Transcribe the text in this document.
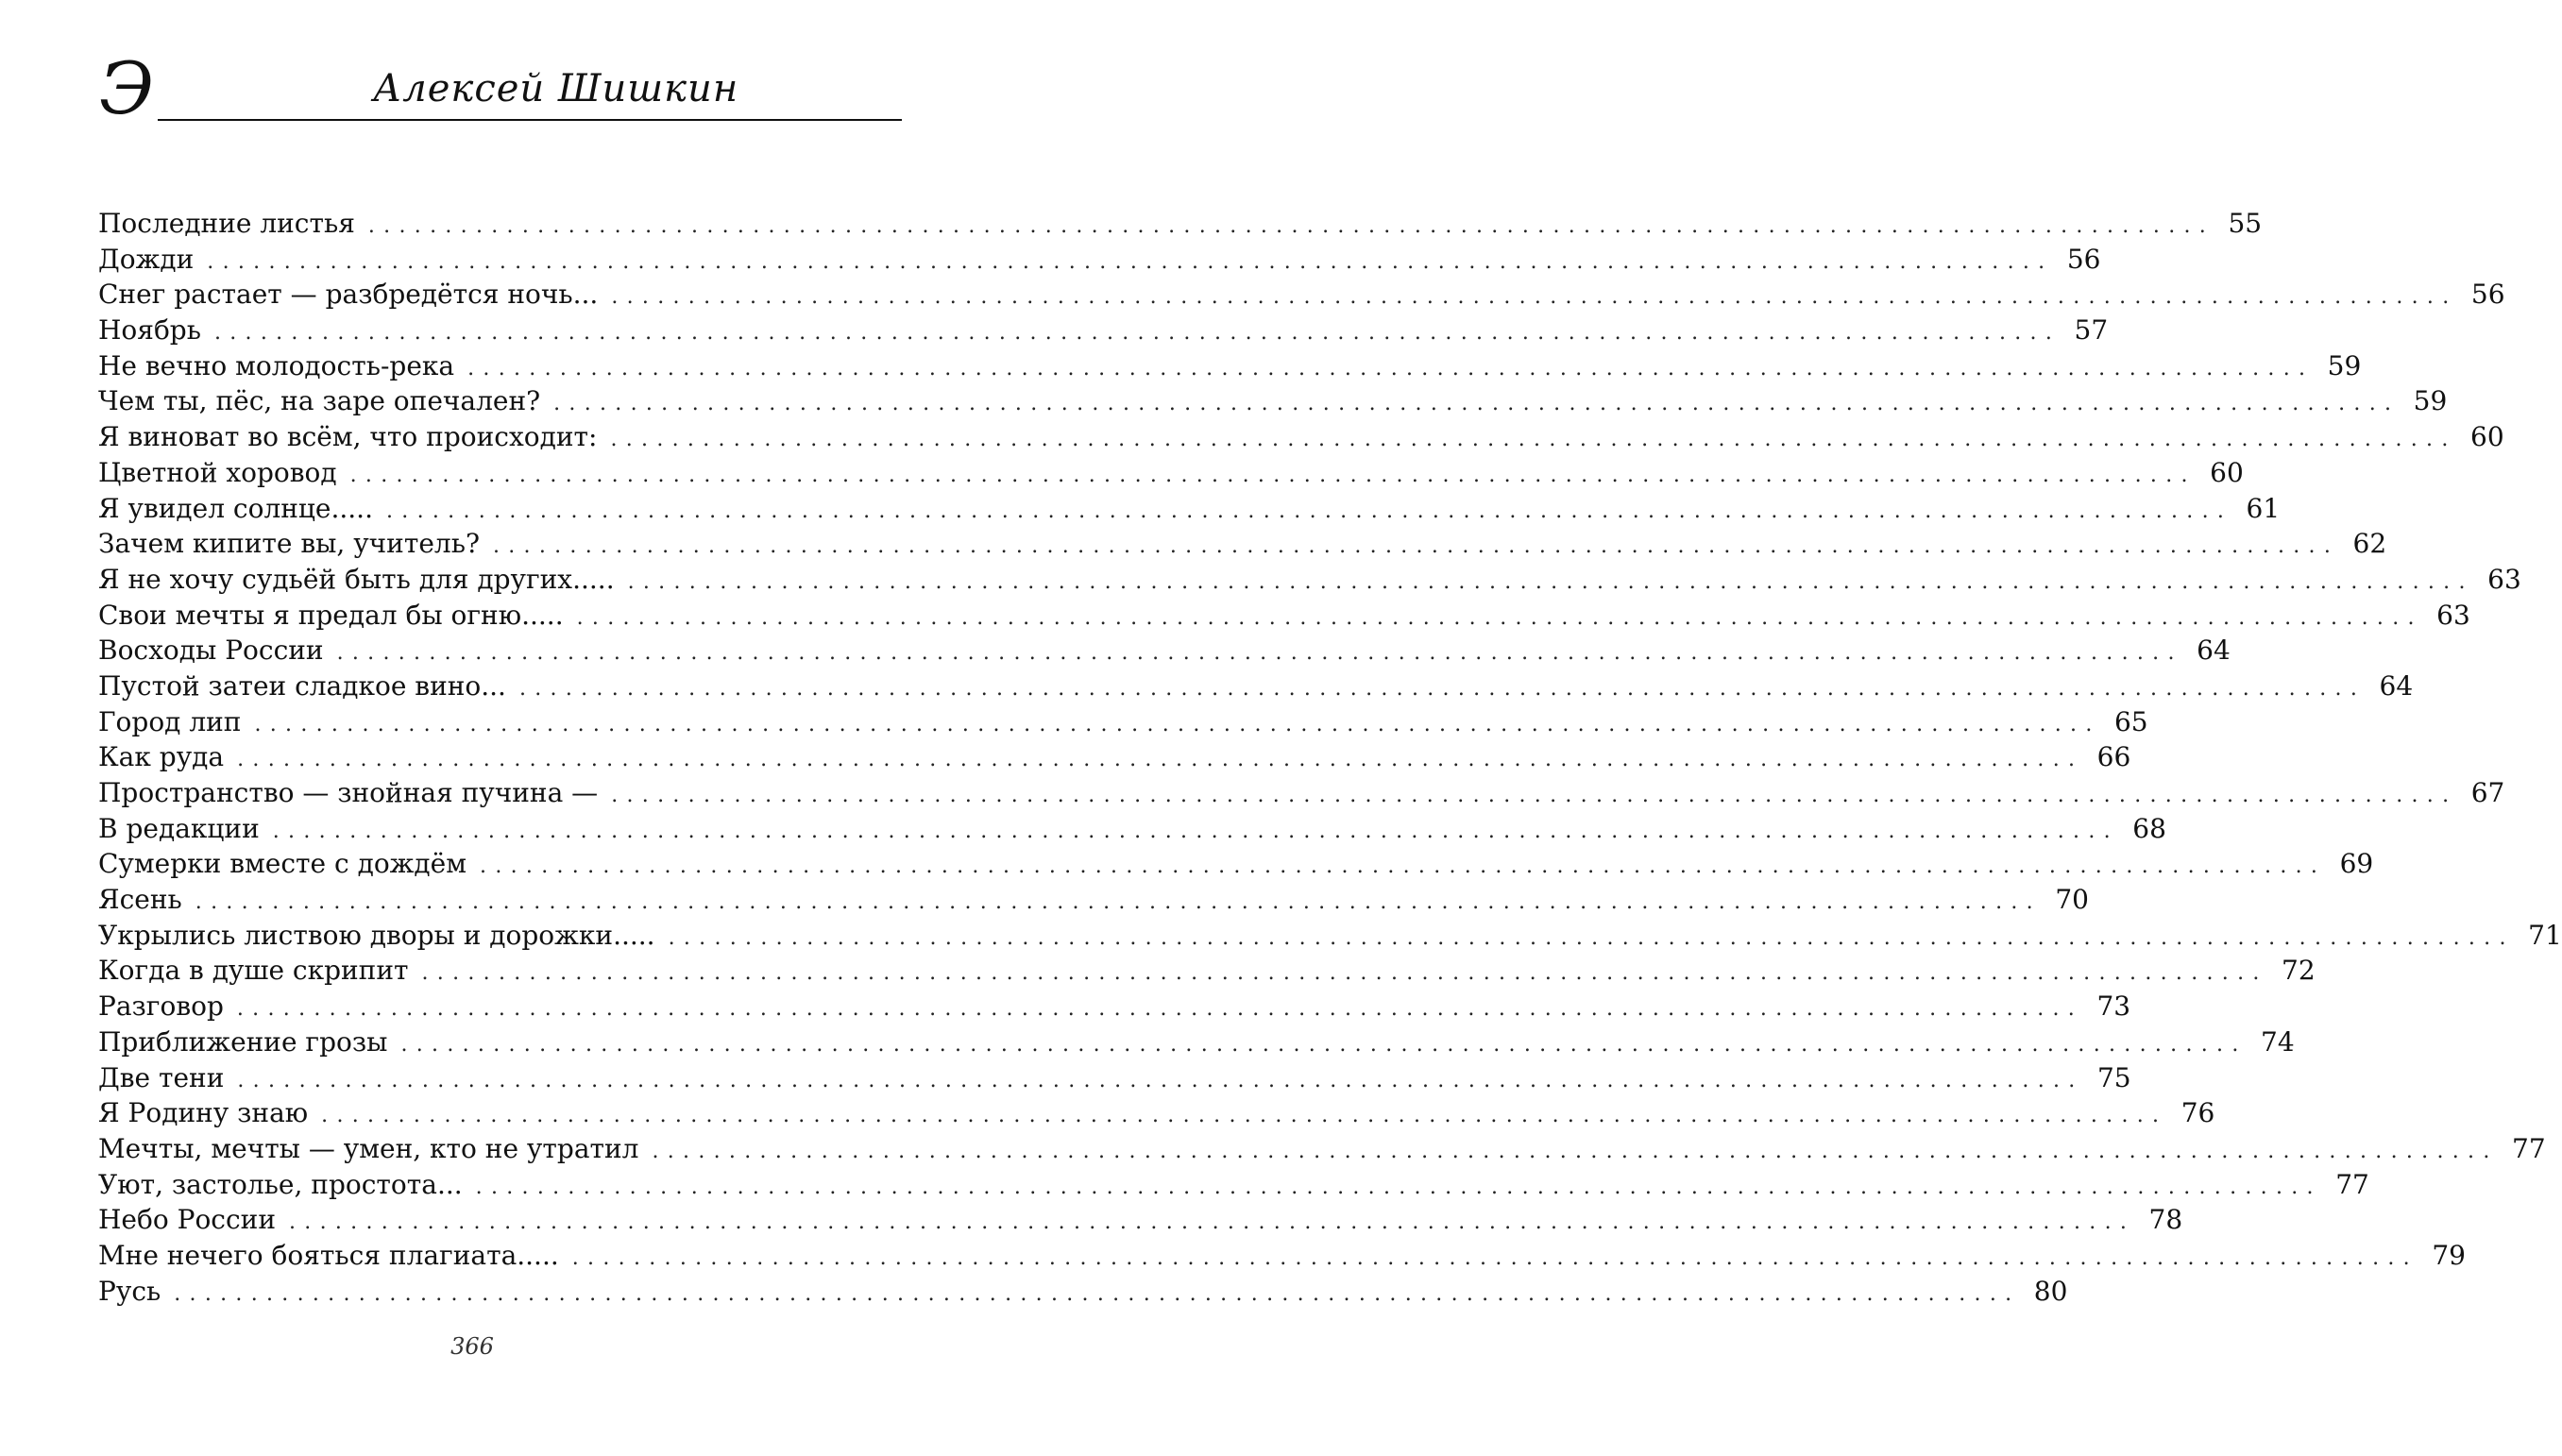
Э	Алексей Шишкин
Последние листья ........................................................................................................................ 55
Дожди ........................................................................................................................ 56
Снег растает — разбредётся ночь... ........................................................................................................................ 56
Ноябрь ........................................................................................................................ 57
Не вечно молодость-река ........................................................................................................................ 59
Чем ты, пёс, на заре опечален? ........................................................................................................................ 59
Я виноват во всём, что происходит: ........................................................................................................................ 60
Цветной хоровод ........................................................................................................................ 60
Я увидел солнце..... ........................................................................................................................ 61
Зачем кипите вы, учитель? ........................................................................................................................ 62
Я не хочу судьёй быть для других..... ........................................................................................................................ 63
Свои мечты я предал бы огню..... ........................................................................................................................ 63
Восходы России ........................................................................................................................ 64
Пустой затеи сладкое вино... ........................................................................................................................ 64
Город лип ........................................................................................................................ 65
Как руда ........................................................................................................................ 66
Пространство — знойная пучина — ........................................................................................................................ 67
В редакции ........................................................................................................................ 68
Сумерки вместе с дождём ........................................................................................................................ 69
Ясень ........................................................................................................................ 70
Укрылись листвою дворы и дорожки..... ........................................................................................................................ 71
Когда в душе скрипит ........................................................................................................................ 72
Разговор ........................................................................................................................ 73
Приближение грозы ........................................................................................................................ 74
Две тени ........................................................................................................................ 75
Я Родину знаю ........................................................................................................................ 76
Мечты, мечты — умен, кто не утратил ........................................................................................................................ 77
Уют, застолье, простота... ........................................................................................................................ 77
Небо России ........................................................................................................................ 78
Мне нечего бояться плагиата..... ........................................................................................................................ 79
Русь ........................................................................................................................ 80
366
